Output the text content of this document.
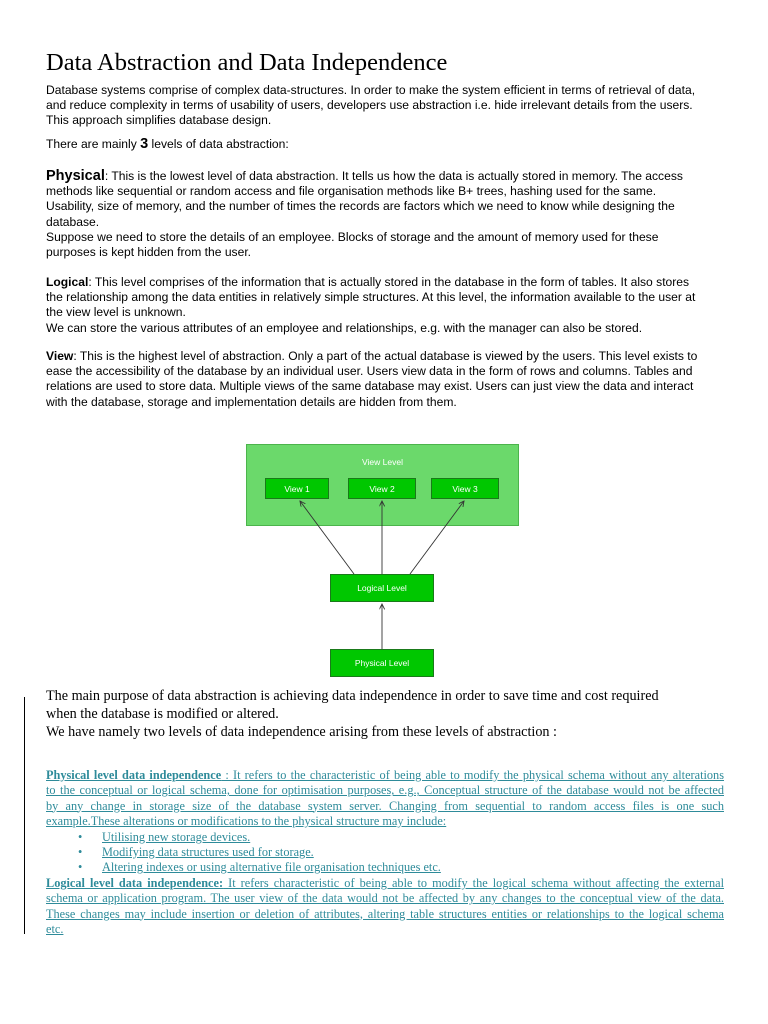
Data Abstraction and Data Independence
Database systems comprise of complex data-structures. In order to make the system efficient in terms of retrieval of data,
and reduce complexity in terms of usability of users, developers use abstraction i.e. hide irrelevant details from the users.
This approach simplifies database design.
There are mainly 3 levels of data abstraction:
Physical: This is the lowest level of data abstraction. It tells us how the data is actually stored in memory. The access
methods like sequential or random access and file organisation methods like B+ trees, hashing used for the same.
Usability, size of memory, and the number of times the records are factors which we need to know while designing the
database.
Suppose we need to store the details of an employee. Blocks of storage and the amount of memory used for these
purposes is kept hidden from the user.
Logical: This level comprises of the information that is actually stored in the database in the form of tables. It also stores
the relationship among the data entities in relatively simple structures. At this level, the information available to the user at
the view level is unknown.
We can store the various attributes of an employee and relationships, e.g. with the manager can also be stored.
View: This is the highest level of abstraction. Only a part of the actual database is viewed by the users. This level exists to
ease the accessibility of the database by an individual user. Users view data in the form of rows and columns. Tables and
relations are used to store data. Multiple views of the same database may exist. Users can just view the data and interact
with the database, storage and implementation details are hidden from them.
View Level
View 1	View 2	View 3
Logical Level
Physical Level
The main purpose of data abstraction is achieving data independence in order to save time and cost required
when the database is modified or altered.
We have namely two levels of data independence arising from these levels of abstraction :
Physical level data independence : It refers to the characteristic of being able to modify the physical schema without any alterations
to the conceptual or logical schema, done for optimisation purposes, e.g., Conceptual structure of the database would not be affected
by any change in storage size of the database system server. Changing from sequential to random access files is one such
example.These alterations or modifications to the physical structure may include:
• Utilising new storage devices.
• Modifying data structures used for storage.
• Altering indexes or using alternative file organisation techniques etc.
Logical level data independence: It refers characteristic of being able to modify the logical schema without affecting the external
schema or application program. The user view of the data would not be affected by any changes to the conceptual view of the data.
These changes may include insertion or deletion of attributes, altering table structures entities or relationships to the logical schema
etc.
